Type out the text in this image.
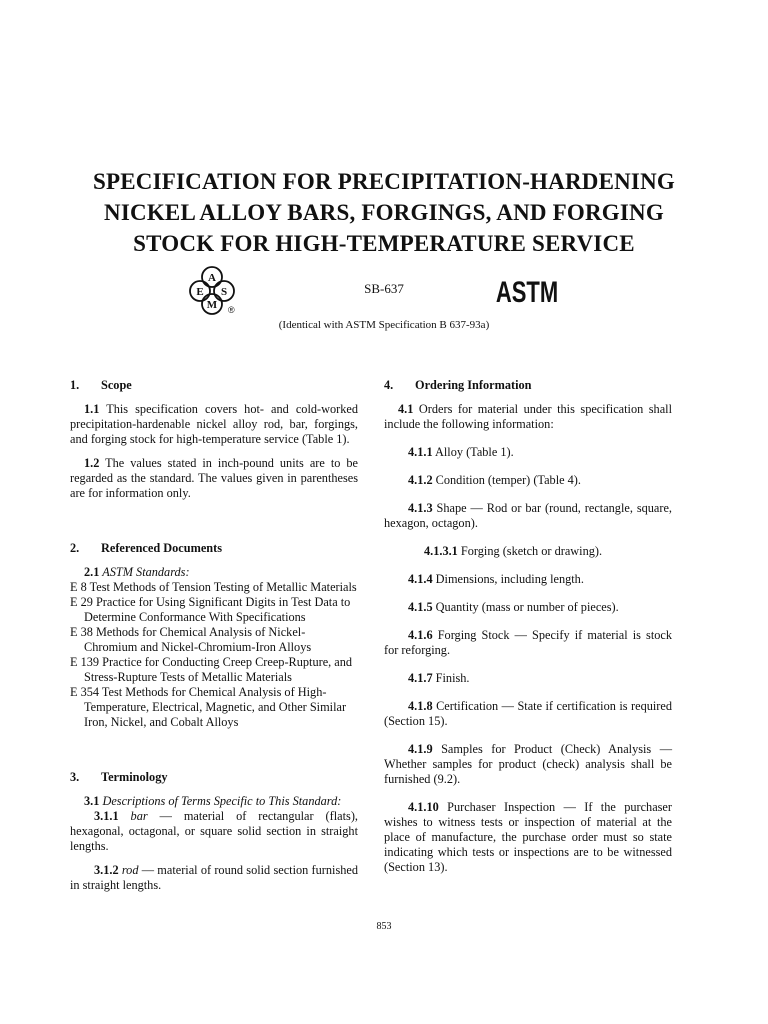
SPECIFICATION FOR PRECIPITATION-HARDENING
NICKEL ALLOY BARS, FORGINGS, AND FORGING
STOCK FOR HIGH-TEMPERATURE SERVICE
A
E S
M ®
SB-637	ASTM
(Identical with ASTM Specification B 637-93a)
1. Scope

1.1 This specification covers hot- and cold-worked precipitation-hardenable nickel alloy rod, bar, forgings, and forging stock for high-temperature service (Table 1).

1.2 The values stated in inch-pound units are to be regarded as the standard. The values given in parentheses are for information only.

2. Referenced Documents

2.1 ASTM Standards:

E 8 Test Methods of Tension Testing of Metallic Materials

E 29 Practice for Using Significant Digits in Test Data to Determine Conformance With Specifications

E 38 Methods for Chemical Analysis of Nickel-Chromium and Nickel-Chromium-Iron Alloys

E 139 Practice for Conducting Creep Creep-Rupture, and Stress-Rupture Tests of Metallic Materials

E 354 Test Methods for Chemical Analysis of High-Temperature, Electrical, Magnetic, and Other Similar Iron, Nickel, and Cobalt Alloys

3. Terminology

3.1 Descriptions of Terms Specific to This Standard:

3.1.1 bar — material of rectangular (flats), hexagonal, octagonal, or square solid section in straight lengths.

3.1.2 rod — material of round solid section furnished in straight lengths.

4. Ordering Information

4.1 Orders for material under this specification shall include the following information:

4.1.1 Alloy (Table 1).

4.1.2 Condition (temper) (Table 4).

4.1.3 Shape — Rod or bar (round, rectangle, square, hexagon, octagon).

4.1.3.1 Forging (sketch or drawing).

4.1.4 Dimensions, including length.

4.1.5 Quantity (mass or number of pieces).

4.1.6 Forging Stock — Specify if material is stock for reforging.

4.1.7 Finish.

4.1.8 Certification — State if certification is required (Section 15).

4.1.9 Samples for Product (Check) Analysis — Whether samples for product (check) analysis shall be furnished (9.2).

4.1.10 Purchaser Inspection — If the purchaser wishes to witness tests or inspection of material at the place of manufacture, the purchase order must so state indicating which tests or inspections are to be witnessed (Section 13).

853
